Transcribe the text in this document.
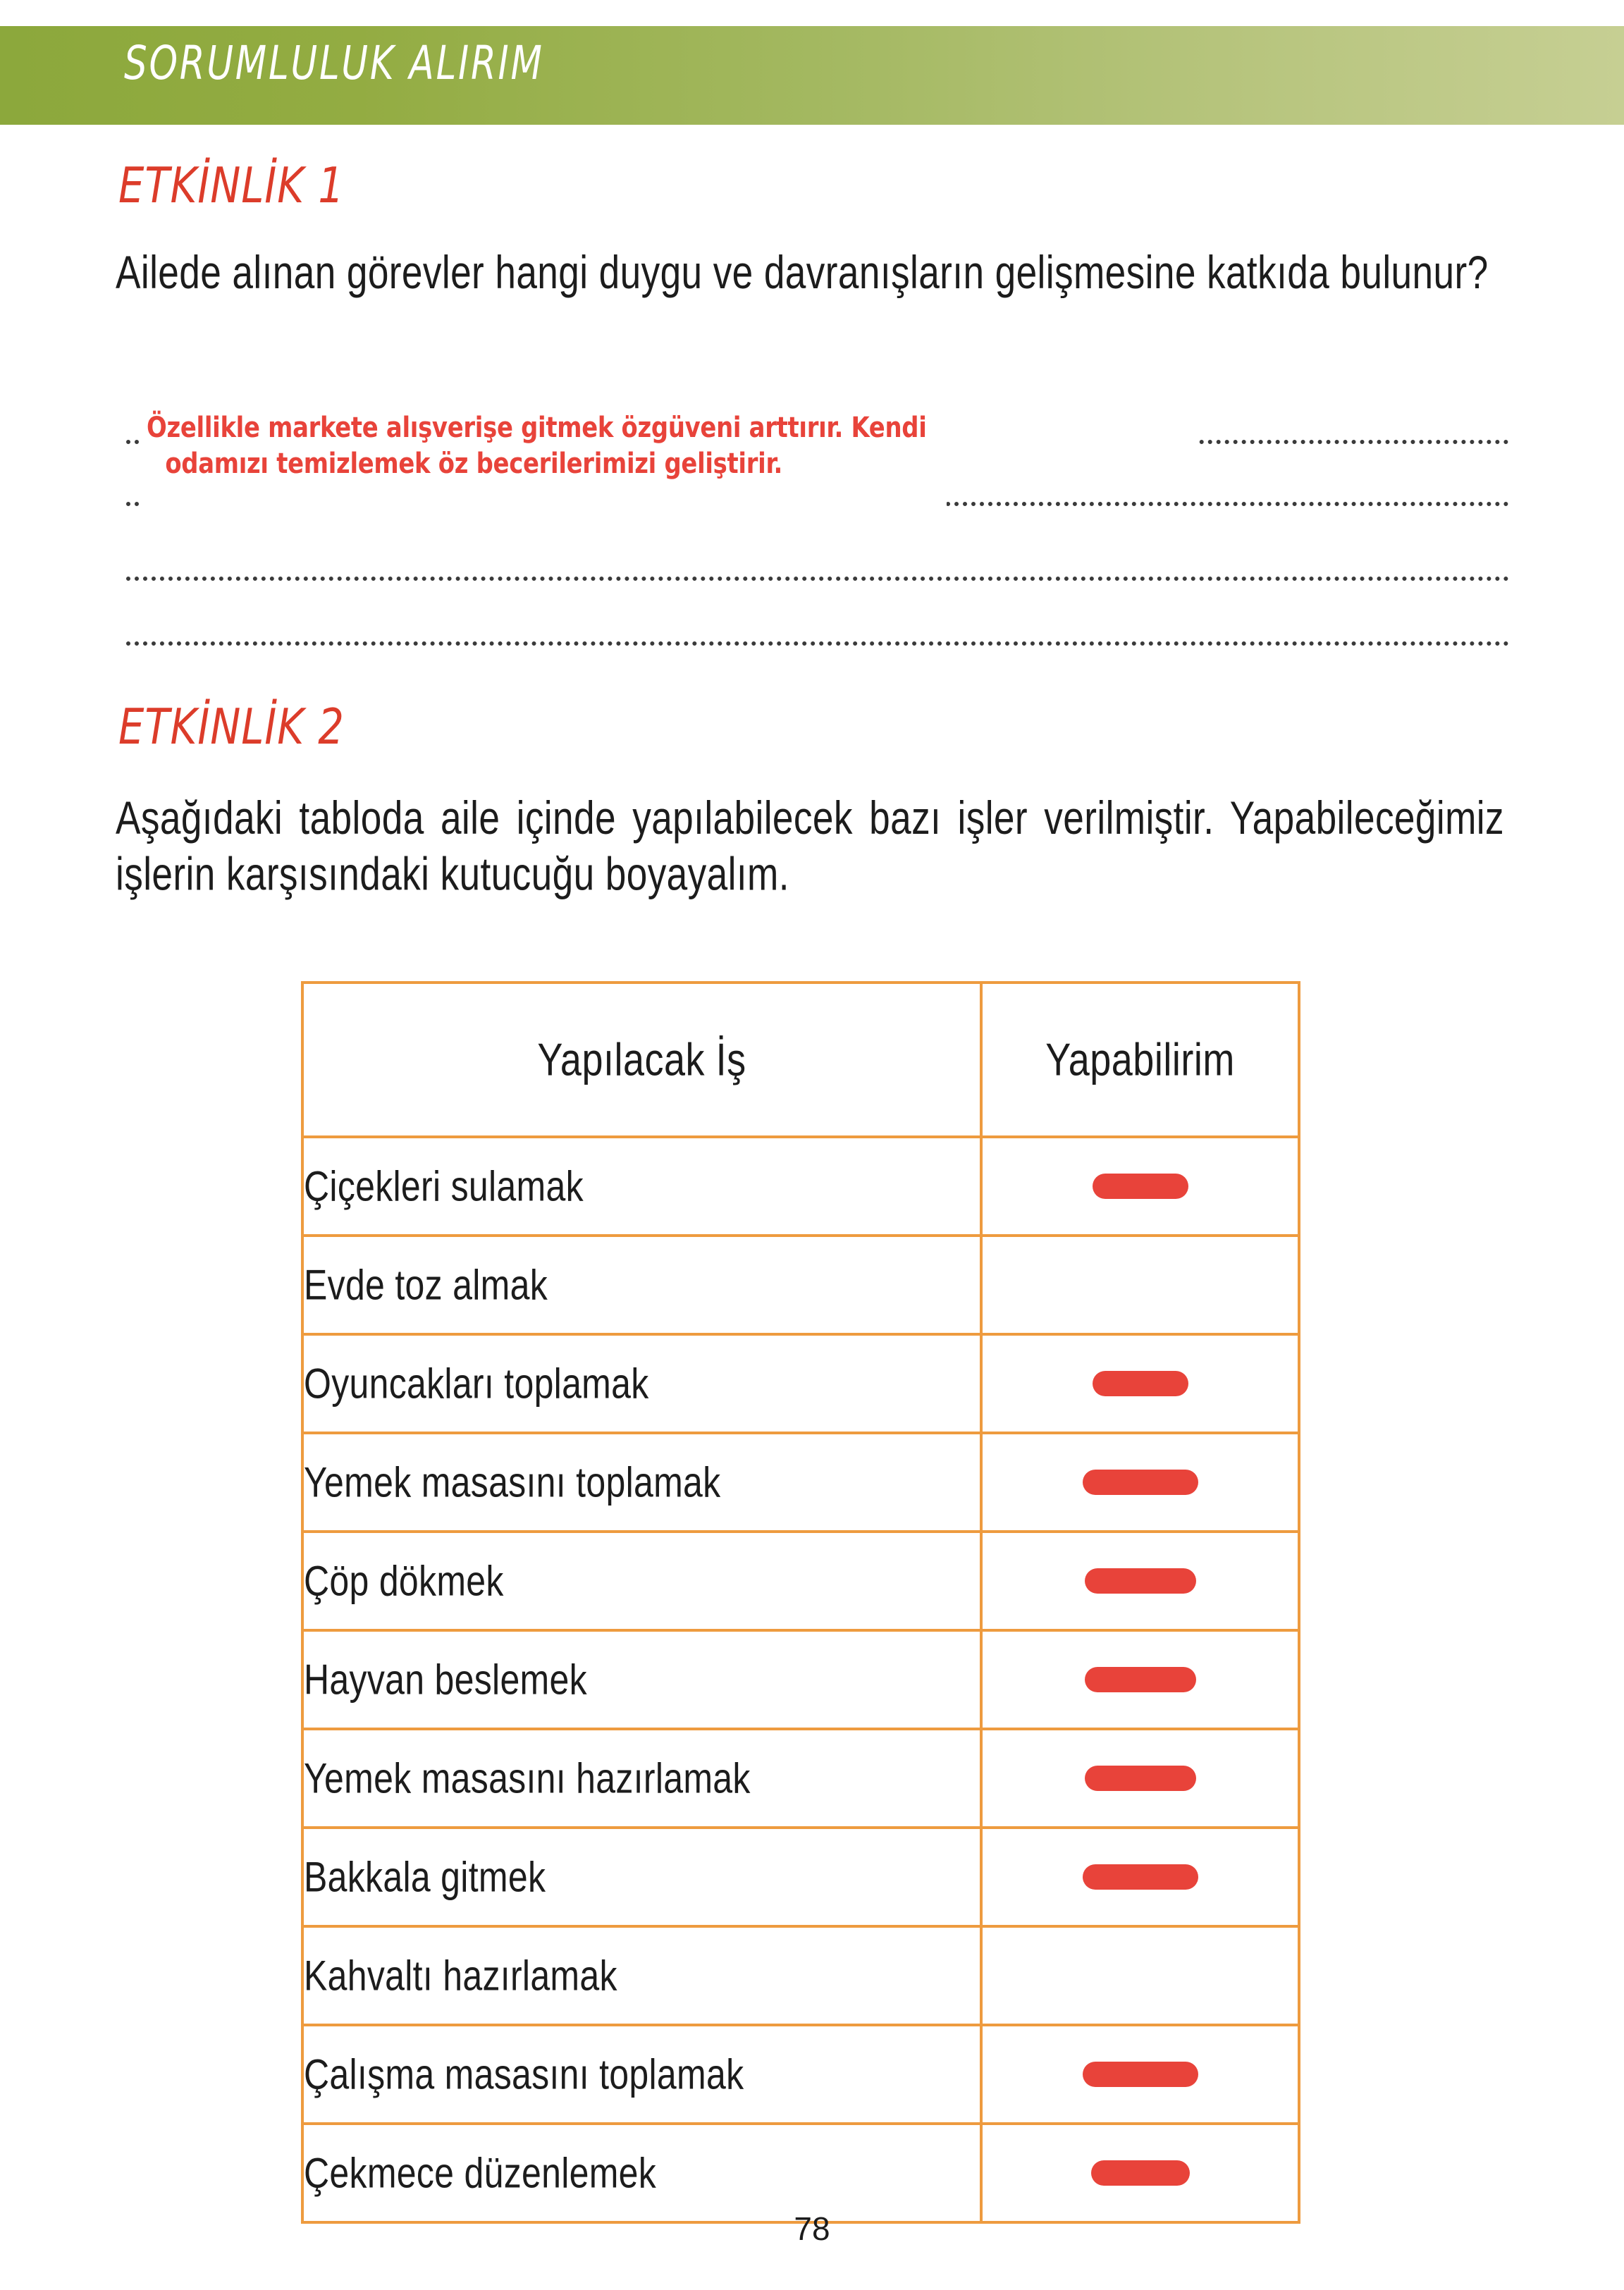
SORUMLULUK ALIRIM
ETKİNLİK 1
Ailede alınan görevler hangi duygu ve davranışların gelişmesine katkıda bulunur?
Özellikle markete alışverişe gitmek özgüveni arttırır. Kendi
odamızı temizlemek öz becerilerimizi geliştirir.
ETKİNLİK 2
Aşağıdaki tabloda aile içinde yapılabilecek bazı işler verilmiştir. Yapabileceğimiz işlerin karşısındaki kutucuğu boyayalım.
Yapılacak İş	Yapabilirim
Çiçekleri sulamak	
Evde toz almak	
Oyuncakları toplamak	
Yemek masasını toplamak	
Çöp dökmek	
Hayvan beslemek	
Yemek masasını hazırlamak	
Bakkala gitmek	
Kahvaltı hazırlamak	
Çalışma masasını toplamak	
Çekmece düzenlemek	
78
